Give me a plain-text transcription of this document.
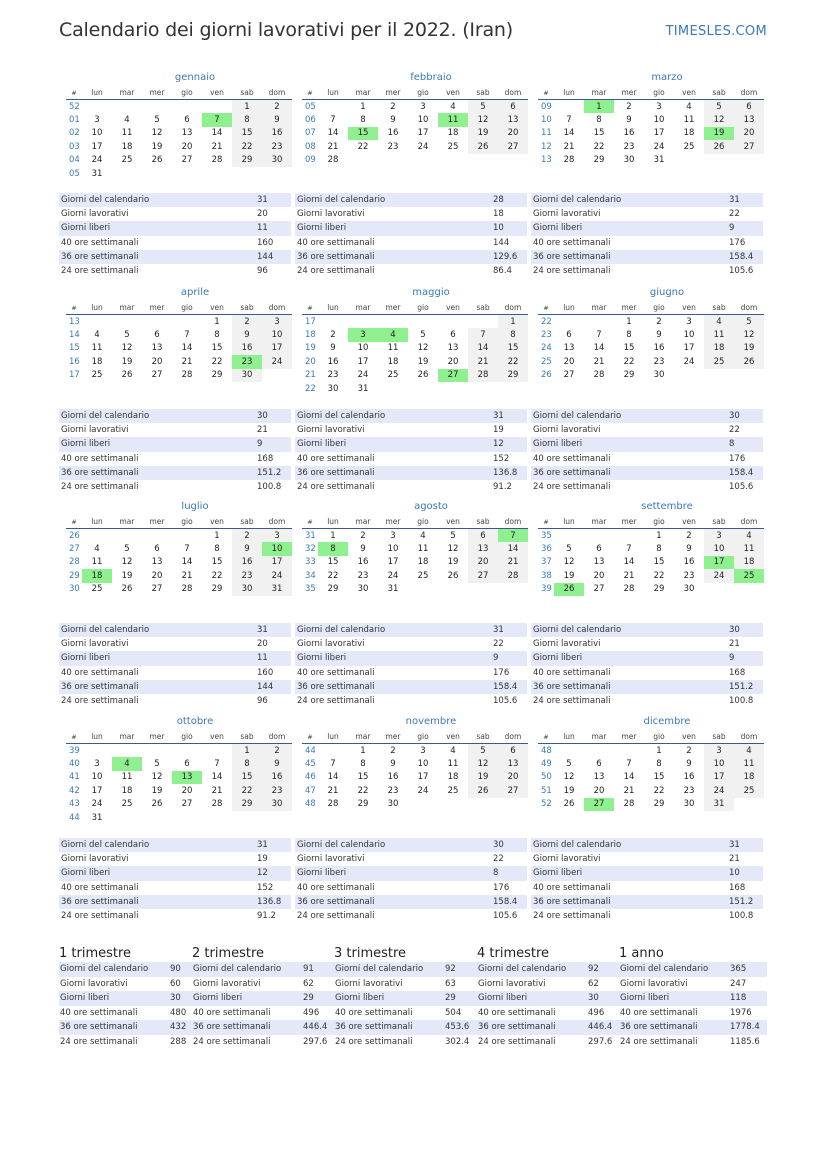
Calendario dei giorni lavorativi per il 2022. (Iran)	TIMESLES.COM
gennaio
#	lun	mar	mer	gio	ven	sab	dom
52						1	2
01	3	4	5	6	7	8	9
02	10	11	12	13	14	15	16
03	17	18	19	20	21	22	23
04	24	25	26	27	28	29	30
05	31						
Giorni del calendario	31
Giorni lavorativi	20
Giorni liberi	11
40 ore settimanali	160
36 ore settimanali	144
24 ore settimanali	96
febbraio
#	lun	mar	mer	gio	ven	sab	dom
05		1	2	3	4	5	6
06	7	8	9	10	11	12	13
07	14	15	16	17	18	19	20
08	21	22	23	24	25	26	27
09	28						
Giorni del calendario	28
Giorni lavorativi	18
Giorni liberi	10
40 ore settimanali	144
36 ore settimanali	129.6
24 ore settimanali	86.4
marzo
#	lun	mar	mer	gio	ven	sab	dom
09		1	2	3	4	5	6
10	7	8	9	10	11	12	13
11	14	15	16	17	18	19	20
12	21	22	23	24	25	26	27
13	28	29	30	31			
Giorni del calendario	31
Giorni lavorativi	22
Giorni liberi	9
40 ore settimanali	176
36 ore settimanali	158.4
24 ore settimanali	105.6
aprile
#	lun	mar	mer	gio	ven	sab	dom
13					1	2	3
14	4	5	6	7	8	9	10
15	11	12	13	14	15	16	17
16	18	19	20	21	22	23	24
17	25	26	27	28	29	30	
Giorni del calendario	30
Giorni lavorativi	21
Giorni liberi	9
40 ore settimanali	168
36 ore settimanali	151.2
24 ore settimanali	100.8
maggio
#	lun	mar	mer	gio	ven	sab	dom
17							1
18	2	3	4	5	6	7	8
19	9	10	11	12	13	14	15
20	16	17	18	19	20	21	22
21	23	24	25	26	27	28	29
22	30	31					
Giorni del calendario	31
Giorni lavorativi	19
Giorni liberi	12
40 ore settimanali	152
36 ore settimanali	136.8
24 ore settimanali	91.2
giugno
#	lun	mar	mer	gio	ven	sab	dom
22			1	2	3	4	5
23	6	7	8	9	10	11	12
24	13	14	15	16	17	18	19
25	20	21	22	23	24	25	26
26	27	28	29	30			
Giorni del calendario	30
Giorni lavorativi	22
Giorni liberi	8
40 ore settimanali	176
36 ore settimanali	158.4
24 ore settimanali	105.6
luglio
#	lun	mar	mer	gio	ven	sab	dom
26					1	2	3
27	4	5	6	7	8	9	10
28	11	12	13	14	15	16	17
29	18	19	20	21	22	23	24
30	25	26	27	28	29	30	31
Giorni del calendario	31
Giorni lavorativi	20
Giorni liberi	11
40 ore settimanali	160
36 ore settimanali	144
24 ore settimanali	96
agosto
#	lun	mar	mer	gio	ven	sab	dom
31	1	2	3	4	5	6	7
32	8	9	10	11	12	13	14
33	15	16	17	18	19	20	21
34	22	23	24	25	26	27	28
35	29	30	31				
Giorni del calendario	31
Giorni lavorativi	22
Giorni liberi	9
40 ore settimanali	176
36 ore settimanali	158.4
24 ore settimanali	105.6
settembre
#	lun	mar	mer	gio	ven	sab	dom
35				1	2	3	4
36	5	6	7	8	9	10	11
37	12	13	14	15	16	17	18
38	19	20	21	22	23	24	25
39	26	27	28	29	30		
Giorni del calendario	30
Giorni lavorativi	21
Giorni liberi	9
40 ore settimanali	168
36 ore settimanali	151.2
24 ore settimanali	100.8
ottobre
#	lun	mar	mer	gio	ven	sab	dom
39						1	2
40	3	4	5	6	7	8	9
41	10	11	12	13	14	15	16
42	17	18	19	20	21	22	23
43	24	25	26	27	28	29	30
44	31						
Giorni del calendario	31
Giorni lavorativi	19
Giorni liberi	12
40 ore settimanali	152
36 ore settimanali	136.8
24 ore settimanali	91.2
novembre
#	lun	mar	mer	gio	ven	sab	dom
44		1	2	3	4	5	6
45	7	8	9	10	11	12	13
46	14	15	16	17	18	19	20
47	21	22	23	24	25	26	27
48	28	29	30				
Giorni del calendario	30
Giorni lavorativi	22
Giorni liberi	8
40 ore settimanali	176
36 ore settimanali	158.4
24 ore settimanali	105.6
dicembre
#	lun	mar	mer	gio	ven	sab	dom
48				1	2	3	4
49	5	6	7	8	9	10	11
50	12	13	14	15	16	17	18
51	19	20	21	22	23	24	25
52	26	27	28	29	30	31	
Giorni del calendario	31
Giorni lavorativi	21
Giorni liberi	10
40 ore settimanali	168
36 ore settimanali	151.2
24 ore settimanali	100.8
1 trimestre
Giorni del calendario	90
Giorni lavorativi	60
Giorni liberi	30
40 ore settimanali	480
36 ore settimanali	432
24 ore settimanali	288
2 trimestre
Giorni del calendario	91
Giorni lavorativi	62
Giorni liberi	29
40 ore settimanali	496
36 ore settimanali	446.4
24 ore settimanali	297.6
3 trimestre
Giorni del calendario	92
Giorni lavorativi	63
Giorni liberi	29
40 ore settimanali	504
36 ore settimanali	453.6
24 ore settimanali	302.4
4 trimestre
Giorni del calendario	92
Giorni lavorativi	62
Giorni liberi	30
40 ore settimanali	496
36 ore settimanali	446.4
24 ore settimanali	297.6
1 anno
Giorni del calendario	365
Giorni lavorativi	247
Giorni liberi	118
40 ore settimanali	1976
36 ore settimanali	1778.4
24 ore settimanali	1185.6
